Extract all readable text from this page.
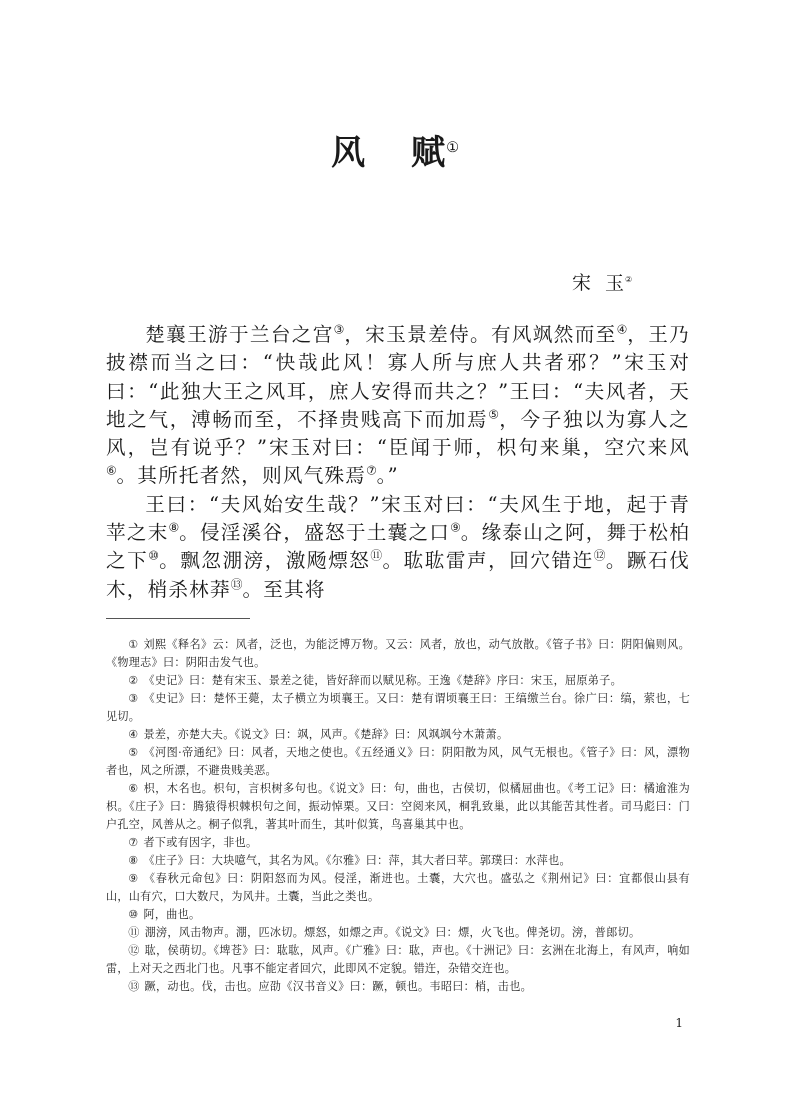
风 赋①
宋 玉②

楚襄王游于兰台之宫③，宋玉景差侍。有风飒然而至④，王乃披襟而当之曰：“快哉此风！寡人所与庶人共者邪？”宋玉对曰：“此独大王之风耳，庶人安得而共之？”王曰：“夫风者，天地之气，溥畅而至，不择贵贱高下而加焉⑤，今子独以为寡人之风，岂有说乎？”宋玉对曰：“臣闻于师，枳句来巢，空穴来风⑥。其所托者然，则风气殊焉⑦。”

王曰：“夫风始安生哉？”宋玉对曰：“夫风生于地，起于青苹之末⑧。侵淫溪谷，盛怒于土囊之口⑨。缘泰山之阿，舞于松柏之下⑩。飘忽淜滂，激飏熛怒⑪。耾耾雷声，回穴错迕⑫。蹶石伐木，梢杀林莽⑬。至其将

① 刘熙《释名》云：风者，泛也，为能泛博万物。又云：风者，放也，动气放散。《管子书》曰：阴阳偏则风。《物理志》曰：阴阳击发气也。

② 《史记》曰：楚有宋玉、景差之徒，皆好辞而以赋见称。王逸《楚辞》序曰：宋玉，屈原弟子。

③ 《史记》曰：楚怀王薨，太子横立为顷襄王。又曰：楚有谓顷襄王曰：王缟缴兰台。徐广曰：缟，萦也，七见切。

④ 景差，亦楚大夫。《说文》曰：飒，风声。《楚辞》曰：风飒飒兮木萧萧。

⑤ 《河图·帝通纪》曰：风者，天地之使也。《五经通义》曰：阴阳散为风，风气无根也。《管子》曰：风，漂物者也，风之所漂，不避贵贱美恶。

⑥ 枳，木名也。枳句，言枳树多句也。《说文》曰：句，曲也，古侯切，似橘屈曲也。《考工记》曰：橘逾淮为枳。《庄子》曰：腾猿得枳棘枳句之间，振动悼栗。又曰：空阅来风，桐乳致巢，此以其能苦其性者。司马彪曰：门户孔空，风善从之。桐子似乳，著其叶而生，其叶似箕，鸟喜巢其中也。

⑦ 者下或有因字，非也。

⑧ 《庄子》曰：大块噫气，其名为风。《尔雅》曰：萍，其大者曰苹。郭璞曰：水萍也。

⑨ 《春秋元命包》曰：阴阳怒而为风。侵淫，渐进也。土囊，大穴也。盛弘之《荆州记》曰：宜都佷山县有山，山有穴，口大数尺，为风井。土囊，当此之类也。

⑩ 阿，曲也。

⑪ 淜滂，风击物声。淜，匹冰切。熛怒，如熛之声。《说文》曰：熛，火飞也。俾尧切。滂，普郎切。

⑫ 耾，侯萌切。《埤苍》曰：耾耾，风声。《广雅》曰：耾，声也。《十洲记》曰：玄洲在北海上，有风声，响如雷，上对天之西北门也。凡事不能定者回穴，此即风不定貌。错迕，杂错交迕也。

⑬ 蹶，动也。伐，击也。应劭《汉书音义》曰：蹶，顿也。韦昭曰：梢，击也。

1
